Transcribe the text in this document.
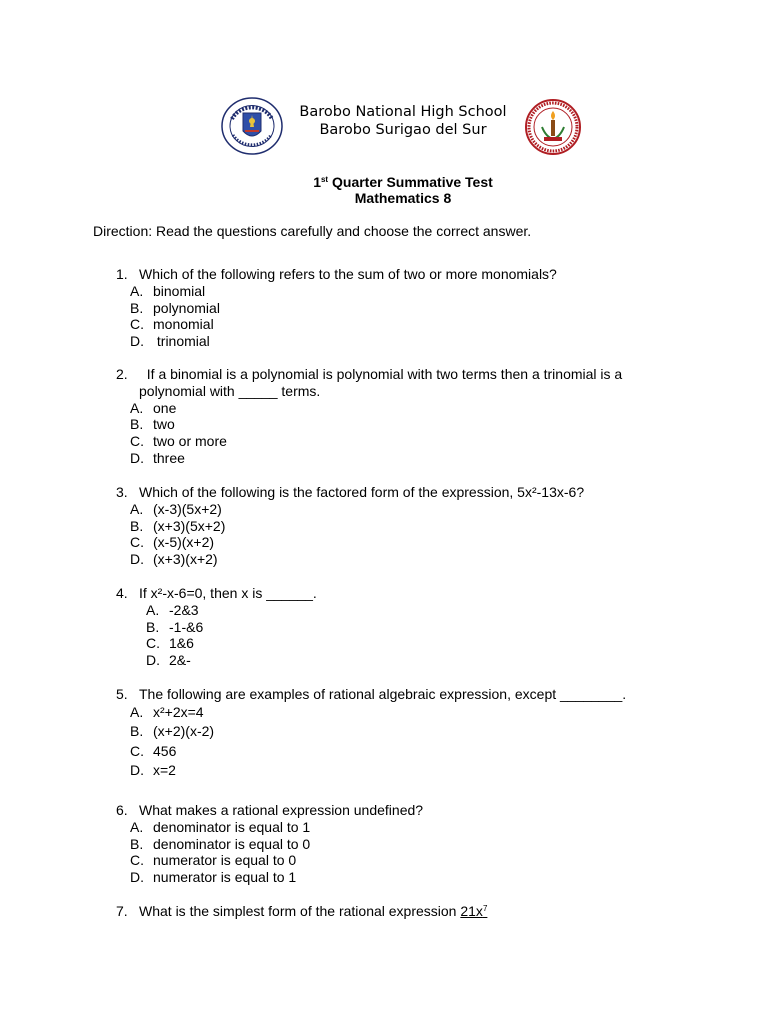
Barobo National High School
Barobo Surigao del Sur
1st Quarter Summative Test
Mathematics 8
Direction: Read the questions carefully and choose the correct answer.
1. Which of the following refers to the sum of two or more monomials?
A. binomial
B. polynomial
C. monomial
D. trinomial
2. If a binomial is a polynomial is polynomial with two terms then a trinomial is a polynomial with _____ terms.
A. one
B. two
C. two or more
D. three
3. Which of the following is the factored form of the expression, 5x²-13x-6?
A. (x-3)(5x+2)
B. (x+3)(5x+2)
C. (x-5)(x+2)
D. (x+3)(x+2)
4. If x²-x-6=0, then x is ______.
A. -2&3
B. -1-&6
C. 1&6
D. 2&-
5. The following are examples of rational algebraic expression, except ________.
A. x²+2x=4
B. (x+2)(x-2)
C. 456
D. x=2
6. What makes a rational expression undefined?
A. denominator is equal to 1
B. denominator is equal to 0
C. numerator is equal to 0
D. numerator is equal to 1
7. What is the simplest form of the rational expression $21x^7$
